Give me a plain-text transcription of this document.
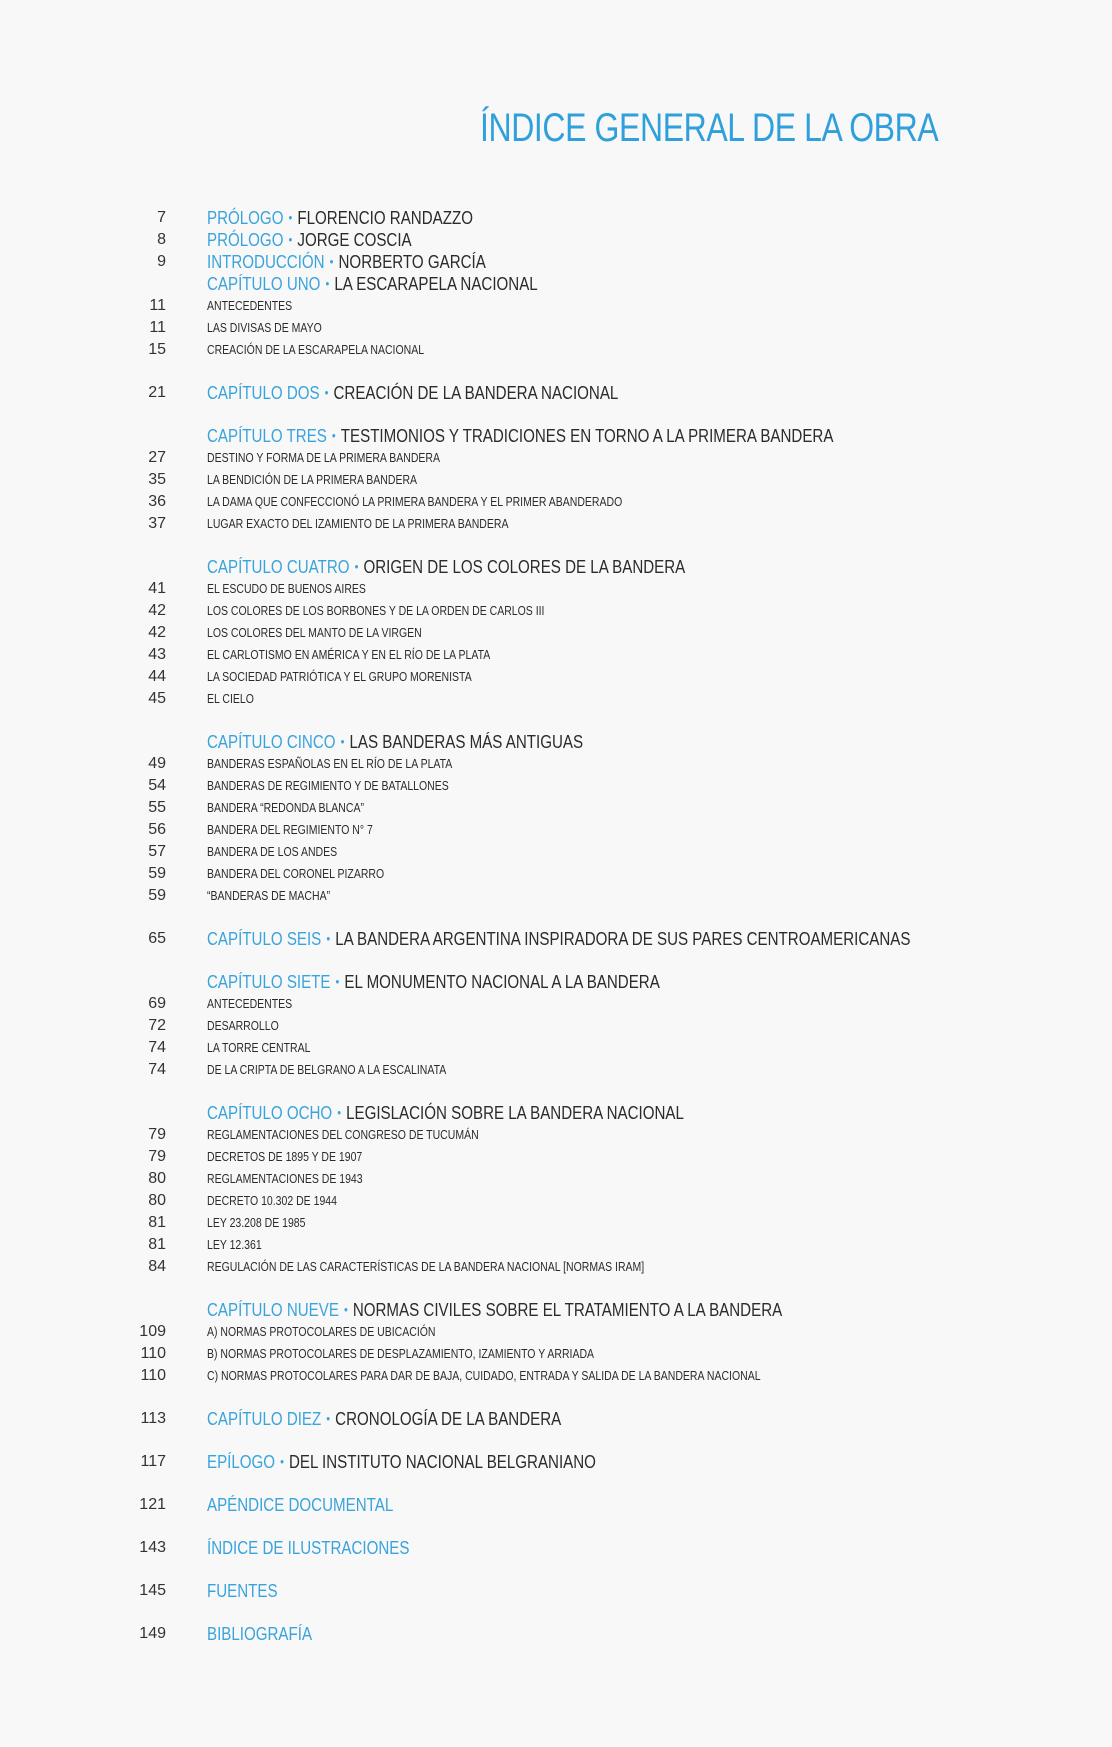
ÍNDICE GENERAL DE LA OBRA
7 PRÓLOGO • FLORENCIO RANDAZZO
8 PRÓLOGO • JORGE COSCIA
9 INTRODUCCIÓN • NORBERTO GARCÍA
CAPÍTULO UNO • LA ESCARAPELA NACIONAL
11	ANTECEDENTES
11	LAS DIVISAS DE MAYO
15	CREACIÓN DE LA ESCARAPELA NACIONAL
21 CAPÍTULO DOS • CREACIÓN DE LA BANDERA NACIONAL
CAPÍTULO TRES • TESTIMONIOS Y TRADICIONES EN TORNO A LA PRIMERA BANDERA
27	DESTINO Y FORMA DE LA PRIMERA BANDERA
35	LA BENDICIÓN DE LA PRIMERA BANDERA
36	LA DAMA QUE CONFECCIONÓ LA PRIMERA BANDERA Y EL PRIMER ABANDERADO
37	LUGAR EXACTO DEL IZAMIENTO DE LA PRIMERA BANDERA
CAPÍTULO CUATRO • ORIGEN DE LOS COLORES DE LA BANDERA
41	EL ESCUDO DE BUENOS AIRES
42	LOS COLORES DE LOS BORBONES Y DE LA ORDEN DE CARLOS III
42	LOS COLORES DEL MANTO DE LA VIRGEN
43	EL CARLOTISMO EN AMÉRICA Y EN EL RÍO DE LA PLATA
44	LA SOCIEDAD PATRIÓTICA Y EL GRUPO MORENISTA
45	EL CIELO
CAPÍTULO CINCO • LAS BANDERAS MÁS ANTIGUAS
49	BANDERAS ESPAÑOLAS EN EL RÍO DE LA PLATA
54	BANDERAS DE REGIMIENTO Y DE BATALLONES
55	BANDERA “REDONDA BLANCA”
56	BANDERA DEL REGIMIENTO N° 7
57	BANDERA DE LOS ANDES
59	BANDERA DEL CORONEL PIZARRO
59	“BANDERAS DE MACHA”
65 CAPÍTULO SEIS • LA BANDERA ARGENTINA INSPIRADORA DE SUS PARES CENTROAMERICANAS
CAPÍTULO SIETE • EL MONUMENTO NACIONAL A LA BANDERA
69	ANTECEDENTES
72	DESARROLLO
74	LA TORRE CENTRAL
74	DE LA CRIPTA DE BELGRANO A LA ESCALINATA
CAPÍTULO OCHO • LEGISLACIÓN SOBRE LA BANDERA NACIONAL
79	REGLAMENTACIONES DEL CONGRESO DE TUCUMÁN
79	DECRETOS DE 1895 Y DE 1907
80	REGLAMENTACIONES DE 1943
80	DECRETO 10.302 DE 1944
81	LEY 23.208 DE 1985
81	LEY 12.361
84	REGULACIÓN DE LAS CARACTERÍSTICAS DE LA BANDERA NACIONAL [NORMAS IRAM]
CAPÍTULO NUEVE • NORMAS CIVILES SOBRE EL TRATAMIENTO A LA BANDERA
109	A) NORMAS PROTOCOLARES DE UBICACIÓN
110	B) NORMAS PROTOCOLARES DE DESPLAZAMIENTO, IZAMIENTO Y ARRIADA
110	C) NORMAS PROTOCOLARES PARA DAR DE BAJA, CUIDADO, ENTRADA Y SALIDA DE LA BANDERA NACIONAL
113 CAPÍTULO DIEZ • CRONOLOGÍA DE LA BANDERA
117 EPÍLOGO • DEL INSTITUTO NACIONAL BELGRANIANO
121 APÉNDICE DOCUMENTAL
143 ÍNDICE DE ILUSTRACIONES
145 FUENTES
149 BIBLIOGRAFÍA
